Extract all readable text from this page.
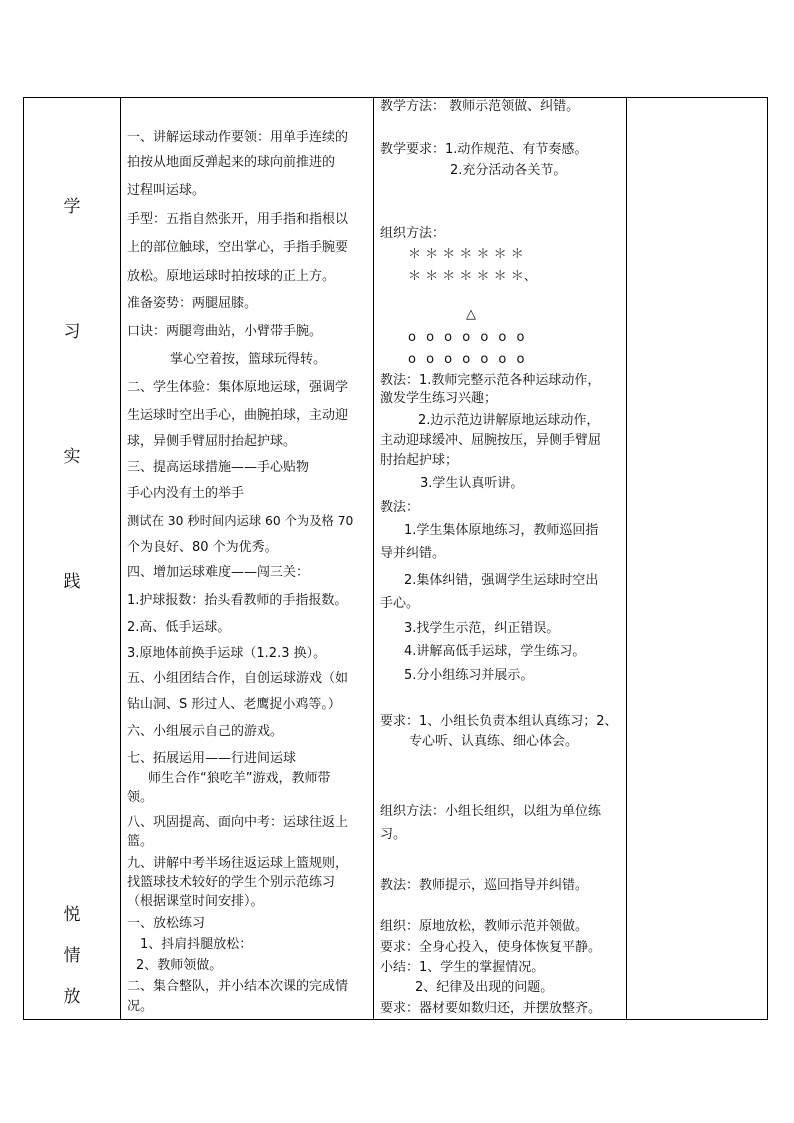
学
习
实
践
悦
情
放
一、讲解运球动作要领：用单手连续的
拍按从地面反弹起来的球向前推进的
过程叫运球。
手型：五指自然张开，用手指和指根以
上的部位触球，空出掌心，手指手腕要
放松。原地运球时拍按球的正上方。
准备姿势：两腿屈膝。
口诀：两腿弯曲站，小臂带手腕。
掌心空着按，篮球玩得转。
二、学生体验：集体原地运球，强调学
生运球时空出手心，曲腕拍球，主动迎
球，异侧手臂屈肘抬起护球。
三、提高运球措施——手心贴物
手心内没有土的举手
测试在 30 秒时间内运球 60 个为及格 70
个为良好、80 个为优秀。
四、增加运球难度——闯三关：
1.护球报数：抬头看教师的手指报数。
2.高、低手运球。
3.原地体前换手运球（1.2.3 换）。
五、小组团结合作，自创运球游戏（如
钻山洞、S 形过人、老鹰捉小鸡等。）
六、小组展示自己的游戏。
七、拓展运用——行进间运球
师生合作“狼吃羊”游戏，教师带
领。
八、巩固提高、面向中考：运球往返上
篮。
九、讲解中考半场往返运球上篮规则，
找篮球技术较好的学生个别示范练习
（根据课堂时间安排）。
一、放松练习
1、抖肩抖腿放松：
2、教师领做。
二、集合整队，并小结本次课的完成情
况。
教学方法： 教师示范领做、纠错。
教学要求：1.动作规范、有节奏感。
2.充分活动各关节。
组织方法：
＊ ＊ ＊ ＊ ＊ ＊ ＊
＊ ＊ ＊ ＊ ＊ ＊ ＊、
△
o o o o o o o
o o o o o o o
教法：1.教师完整示范各种运球动作，
激发学生练习兴趣；
2.边示范边讲解原地运球动作，
主动迎球缓冲、屈腕按压，异侧手臂屈
肘抬起护球；
3.学生认真听讲。
教法：
1.学生集体原地练习，教师巡回指
导并纠错。
2.集体纠错，强调学生运球时空出
手心。
3.找学生示范，纠正错误。
4.讲解高低手运球，学生练习。
5.分小组练习并展示。
要求：1、小组长负责本组认真练习；2、
专心听、认真练、细心体会。
组织方法：小组长组织，以组为单位练
习。
教法：教师提示，巡回指导并纠错。
组织：原地放松，教师示范并领做。
要求：全身心投入，使身体恢复平静。
小结：1、学生的掌握情况。
2、纪律及出现的问题。
要求：器材要如数归还，并摆放整齐。
